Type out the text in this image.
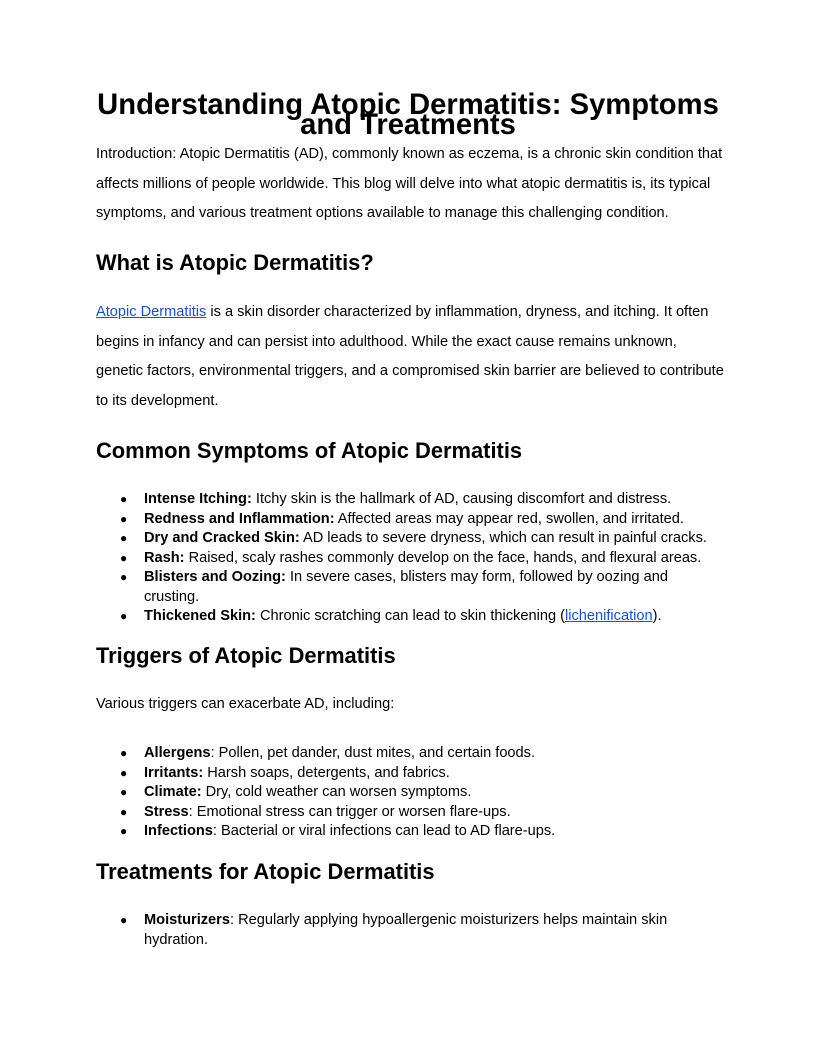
Understanding Atopic Dermatitis: Symptoms and Treatments

Introduction: Atopic Dermatitis (AD), commonly known as eczema, is a chronic skin condition that affects millions of people worldwide. This blog will delve into what atopic dermatitis is, its typical symptoms, and various treatment options available to manage this challenging condition.

What is Atopic Dermatitis?

Atopic Dermatitis is a skin disorder characterized by inflammation, dryness, and itching. It often begins in infancy and can persist into adulthood. While the exact cause remains unknown, genetic factors, environmental triggers, and a compromised skin barrier are believed to contribute to its development.

Common Symptoms of Atopic Dermatitis
● Intense Itching: Itchy skin is the hallmark of AD, causing discomfort and distress.
● Redness and Inflammation: Affected areas may appear red, swollen, and irritated.
● Dry and Cracked Skin: AD leads to severe dryness, which can result in painful cracks.
● Rash: Raised, scaly rashes commonly develop on the face, hands, and flexural areas.
● Blisters and Oozing: In severe cases, blisters may form, followed by oozing and crusting.
● Thickened Skin: Chronic scratching can lead to skin thickening (lichenification).
Triggers of Atopic Dermatitis

Various triggers can exacerbate AD, including:

● Allergens: Pollen, pet dander, dust mites, and certain foods.
● Irritants: Harsh soaps, detergents, and fabrics.
● Climate: Dry, cold weather can worsen symptoms.
● Stress: Emotional stress can trigger or worsen flare-ups.
● Infections: Bacterial or viral infections can lead to AD flare-ups.
Treatments for Atopic Dermatitis
● Moisturizers: Regularly applying hypoallergenic moisturizers helps maintain skin hydration.
